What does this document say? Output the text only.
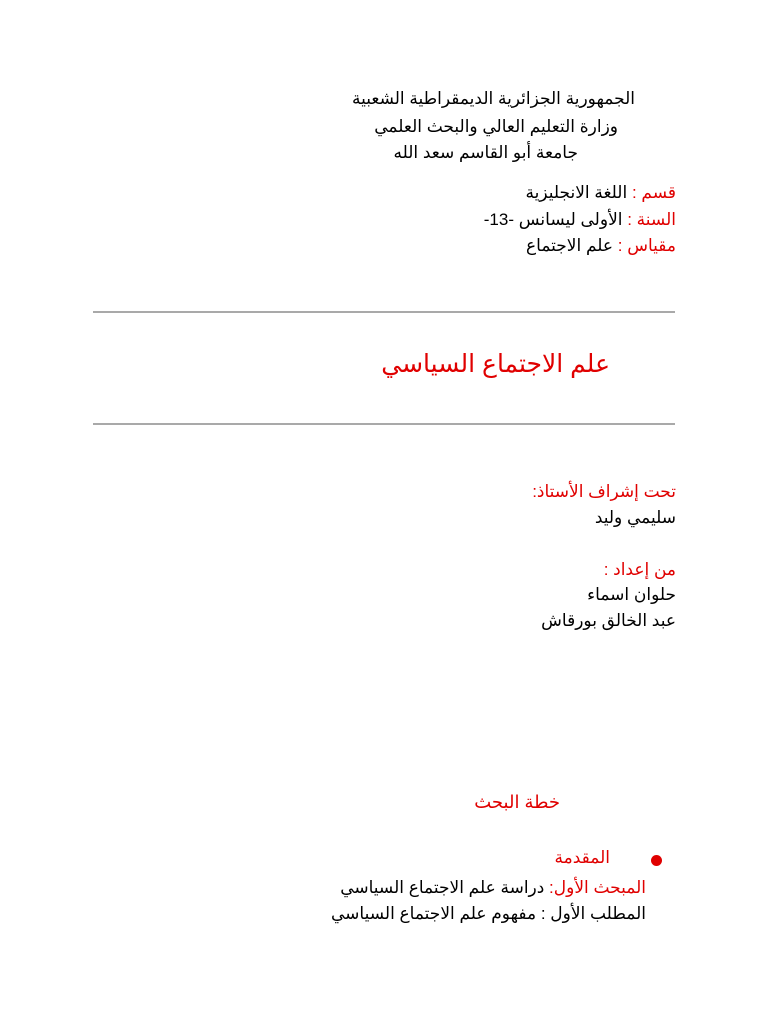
الجمهورية الجزائرية الديمقراطية الشعبية
وزارة التعليم العالي والبحث العلمي
جامعة أبو القاسم سعد الله
قسم : اللغة الانجليزية
السنة : الأولى ليسانس -13-
مقياس : علم الاجتماع
علم الاجتماع السياسي
تحت إشراف الأستاذ:
سليمي وليد
من إعداد :
حلوان اسماء
عبد الخالق بورقاش
خطة البحث
المقدمة
المبحث الأول: دراسة علم الاجتماع السياسي
المطلب الأول : مفهوم علم الاجتماع السياسي
